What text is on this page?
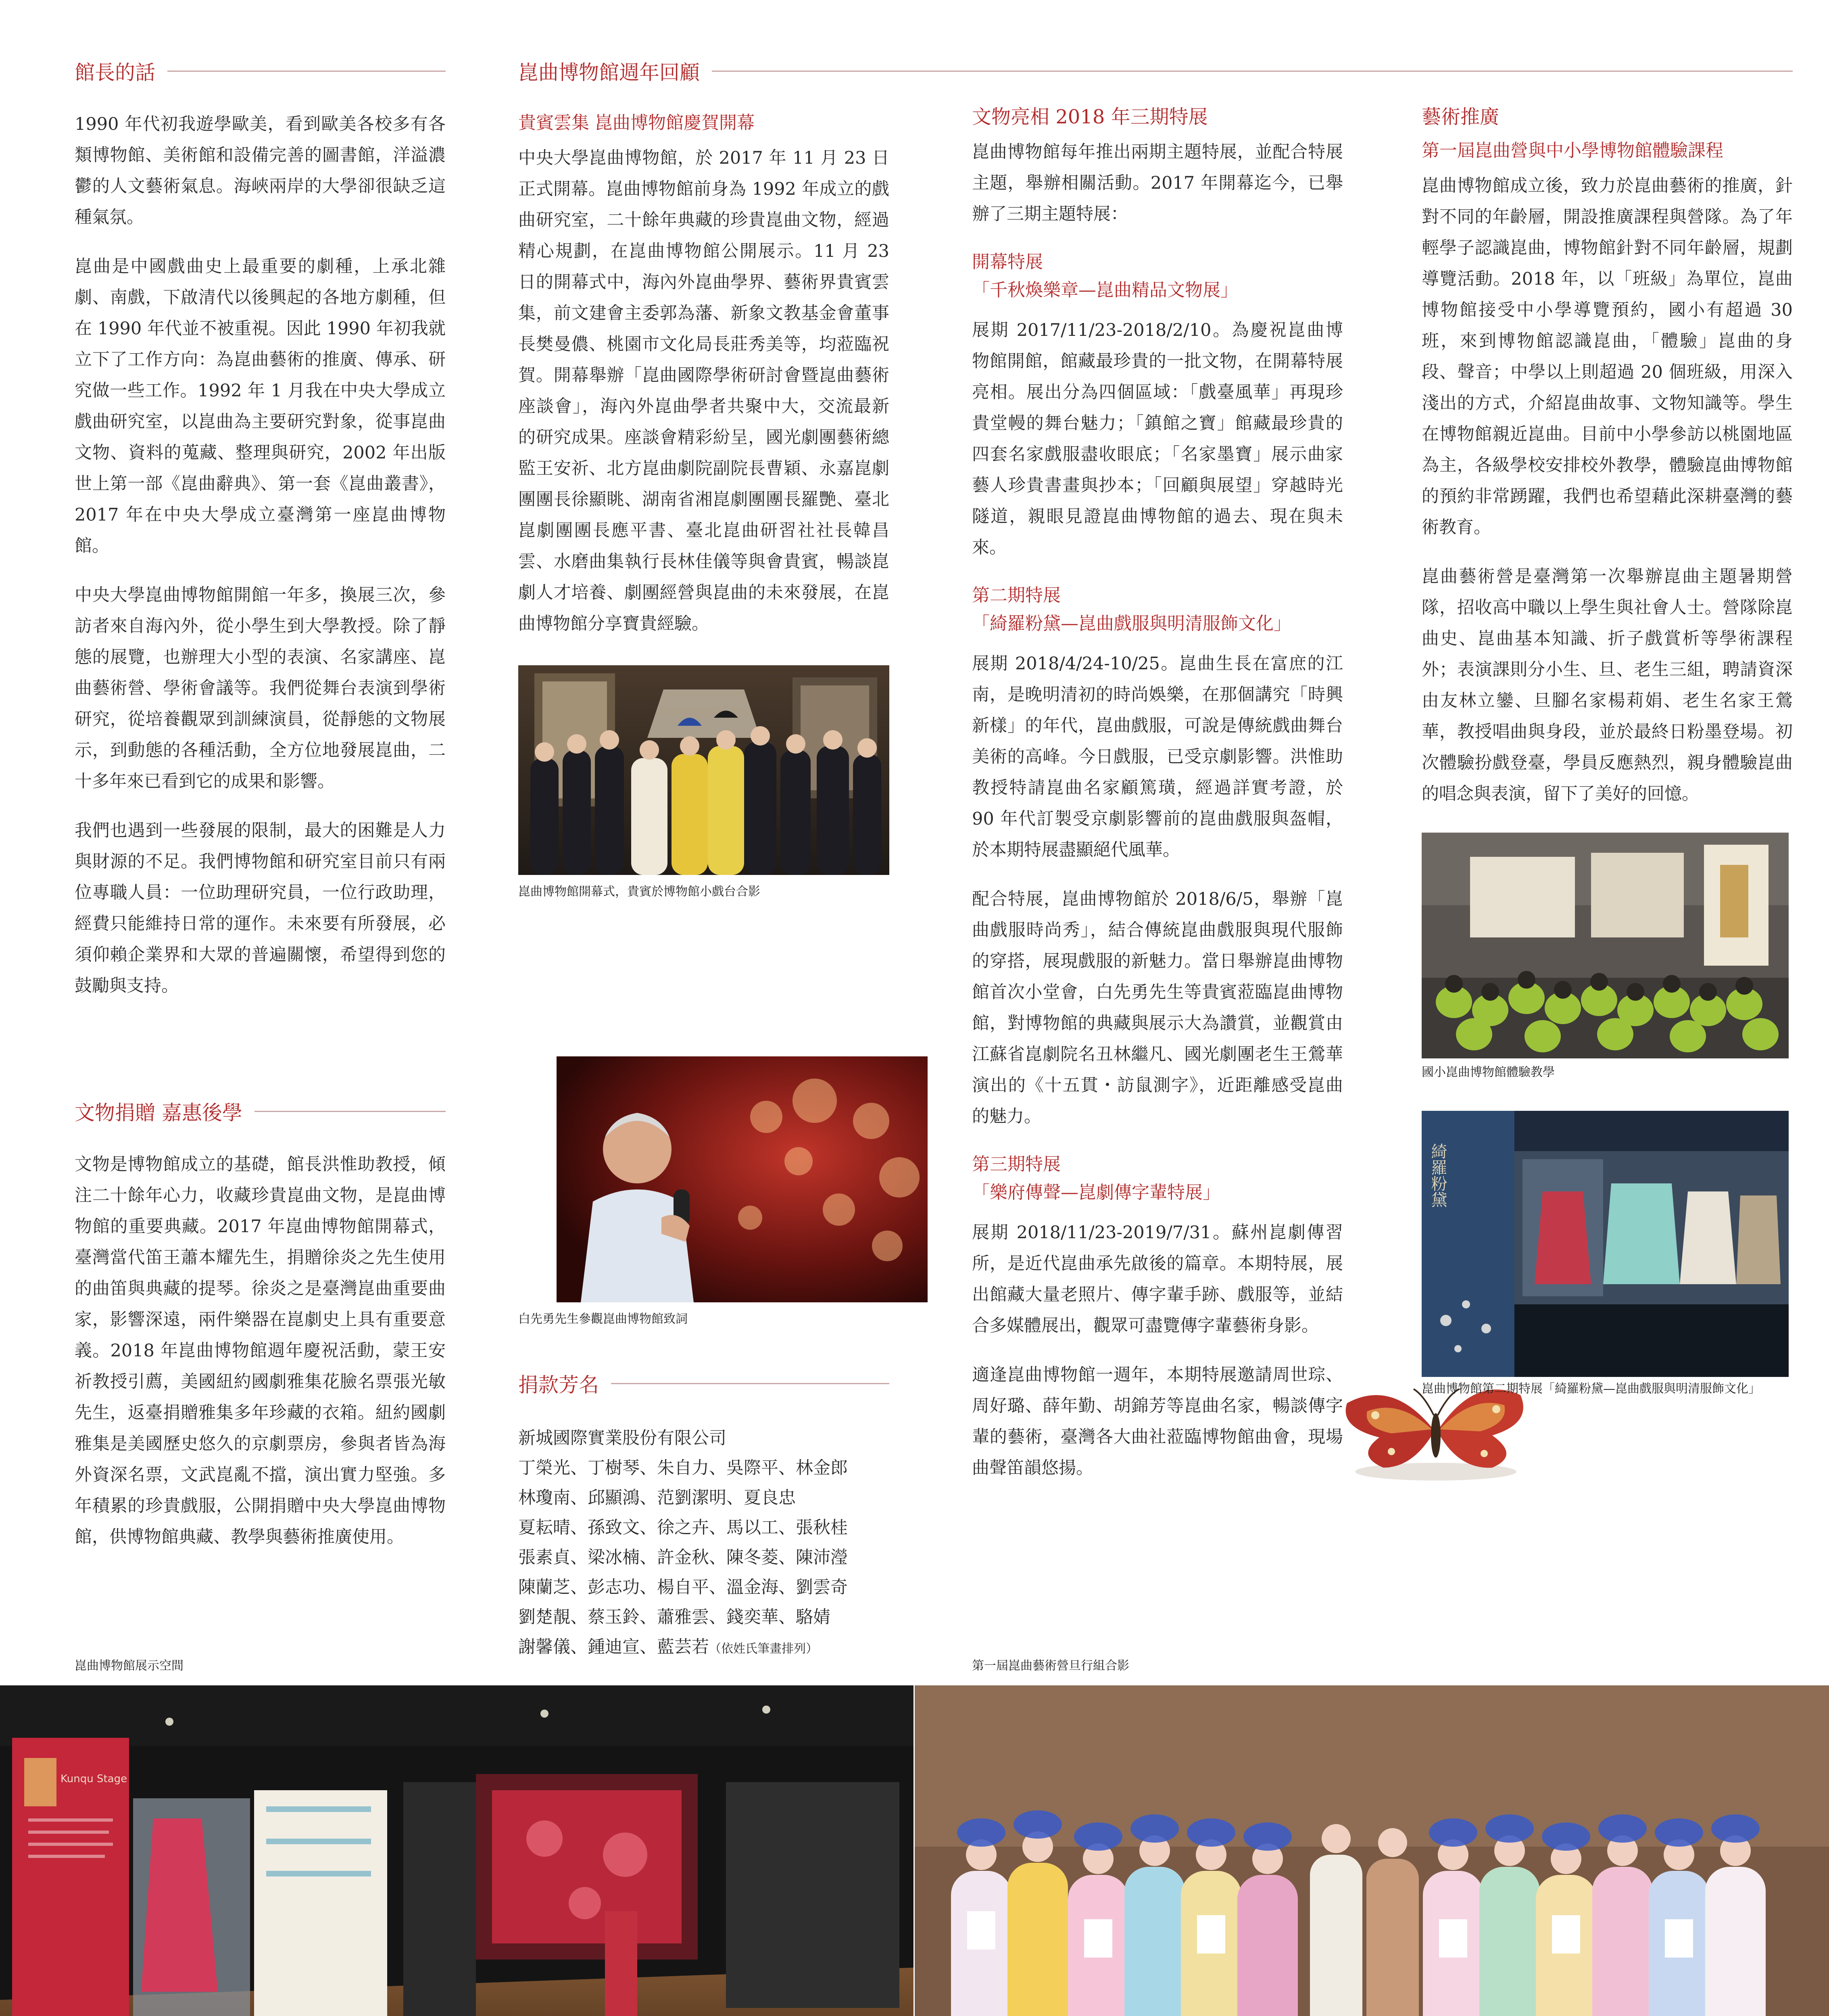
館長的話

1990 年代初我遊學歐美，看到歐美各校多有各類博物館、美術館和設備完善的圖書館，洋溢濃鬱的人文藝術氣息。海峽兩岸的大學卻很缺乏這種氣氛。

崑曲是中國戲曲史上最重要的劇種，上承北雜劇、南戲，下啟清代以後興起的各地方劇種，但在 1990 年代並不被重視。因此 1990 年初我就立下了工作方向：為崑曲藝術的推廣、傳承、研究做一些工作。1992 年 1 月我在中央大學成立戲曲研究室，以崑曲為主要研究對象，從事崑曲文物、資料的蒐藏、整理與研究，2002 年出版世上第一部《崑曲辭典》、第一套《崑曲叢書》，2017 年在中央大學成立臺灣第一座崑曲博物館。

中央大學崑曲博物館開館一年多，換展三次，參訪者來自海內外，從小學生到大學教授。除了靜態的展覽，也辦理大小型的表演、名家講座、崑曲藝術營、學術會議等。我們從舞台表演到學術研究，從培養觀眾到訓練演員，從靜態的文物展示，到動態的各種活動，全方位地發展崑曲，二十多年來已看到它的成果和影響。

我們也遇到一些發展的限制，最大的困難是人力與財源的不足。我們博物館和研究室目前只有兩位專職人員：一位助理研究員，一位行政助理，經費只能維持日常的運作。未來要有所發展，必須仰賴企業界和大眾的普遍關懷，希望得到您的鼓勵與支持。

文物捐贈 嘉惠後學

文物是博物館成立的基礎，館長洪惟助教授，傾注二十餘年心力，收藏珍貴崑曲文物，是崑曲博物館的重要典藏。2017 年崑曲博物館開幕式，臺灣當代笛王蕭本耀先生，捐贈徐炎之先生使用的曲笛與典藏的提琴。徐炎之是臺灣崑曲重要曲家，影響深遠，兩件樂器在崑劇史上具有重要意義。2018 年崑曲博物館週年慶祝活動，蒙王安祈教授引薦，美國紐約國劇雅集花臉名票張光敏先生，返臺捐贈雅集多年珍藏的衣箱。紐約國劇雅集是美國歷史悠久的京劇票房，參與者皆為海外資深名票，文武崑亂不擋，演出實力堅強。多年積累的珍貴戲服，公開捐贈中央大學崑曲博物館，供博物館典藏、教學與藝術推廣使用。

崑曲博物館展示空間
崑曲博物館週年回顧

貴賓雲集 崑曲博物館慶賀開幕

中央大學崑曲博物館，於 2017 年 11 月 23 日正式開幕。崑曲博物館前身為 1992 年成立的戲曲研究室，二十餘年典藏的珍貴崑曲文物，經過精心規劃，在崑曲博物館公開展示。11 月 23 日的開幕式中，海內外崑曲學界、藝術界貴賓雲集，前文建會主委郭為藩、新象文教基金會董事長樊曼儂、桃園市文化局長莊秀美等，均蒞臨祝賀。開幕舉辦「崑曲國際學術研討會暨崑曲藝術座談會」，海內外崑曲學者共聚中大，交流最新的研究成果。座談會精彩紛呈，國光劇團藝術總監王安祈、北方崑曲劇院副院長曹穎、永嘉崑劇團團長徐顯眺、湖南省湘崑劇團團長羅艷、臺北崑劇團團長應平書、臺北崑曲研習社社長韓昌雲、水磨曲集執行長林佳儀等與會貴賓，暢談崑劇人才培養、劇團經營與崑曲的未來發展，在崑曲博物館分享寶貴經驗。

崑曲博物館開幕式，貴賓於博物館小戲台合影
白先勇先生參觀崑曲博物館致詞
捐款芳名

新城國際實業股份有限公司

丁榮光、丁樹琴、朱自力、吳際平、林金郎

林瓊南、邱顯鴻、范劉潔明、夏良忠

夏耘晴、孫致文、徐之卉、馬以工、張秋桂

張素貞、梁冰楠、許金秋、陳冬菱、陳沛瀅

陳蘭芝、彭志功、楊自平、溫金海、劉雲奇

劉楚靚、蔡玉鈴、蕭雅雲、錢奕華、駱婧

謝馨儀、鍾迪宣、藍芸若（依姓氏筆畫排列）

文物亮相 2018 年三期特展

崑曲博物館每年推出兩期主題特展，並配合特展主題，舉辦相關活動。2017 年開幕迄今，已舉辦了三期主題特展：

開幕特展

「千秋煥樂章—崑曲精品文物展」

展期 2017/11/23-2018/2/10。為慶祝崑曲博物館開館，館藏最珍貴的一批文物，在開幕特展亮相。展出分為四個區域：「戲臺風華」再現珍貴堂幔的舞台魅力；「鎮館之寶」館藏最珍貴的四套名家戲服盡收眼底；「名家墨寶」展示曲家藝人珍貴書畫與抄本；「回顧與展望」穿越時光隧道，親眼見證崑曲博物館的過去、現在與未來。

第二期特展

「綺羅粉黛—崑曲戲服與明清服飾文化」

展期 2018/4/24-10/25。崑曲生長在富庶的江南，是晚明清初的時尚娛樂，在那個講究「時興新樣」的年代，崑曲戲服，可說是傳統戲曲舞台美術的高峰。今日戲服，已受京劇影響。洪惟助教授特請崑曲名家顧篤璜，經過詳實考證，於 90 年代訂製受京劇影響前的崑曲戲服與盔帽，於本期特展盡顯絕代風華。

配合特展，崑曲博物館於 2018/6/5，舉辦「崑曲戲服時尚秀」，結合傳統崑曲戲服與現代服飾的穿搭，展現戲服的新魅力。當日舉辦崑曲博物館首次小堂會，白先勇先生等貴賓蒞臨崑曲博物館，對博物館的典藏與展示大為讚賞，並觀賞由江蘇省崑劇院名丑林繼凡、國光劇團老生王鶯華演出的《十五貫・訪鼠測字》，近距離感受崑曲的魅力。

第三期特展

「樂府傳聲—崑劇傳字輩特展」

展期 2018/11/23-2019/7/31。蘇州崑劇傳習所，是近代崑曲承先啟後的篇章。本期特展，展出館藏大量老照片、傳字輩手跡、戲服等，並結合多媒體展出，觀眾可盡覽傳字輩藝術身影。

適逢崑曲博物館一週年，本期特展邀請周世琮、周好璐、薛年勤、胡錦芳等崑曲名家，暢談傳字輩的藝術，臺灣各大曲社蒞臨博物館曲會，現場曲聲笛韻悠揚。

第一屆崑曲藝術營旦行組合影

藝術推廣

第一屆崑曲營與中小學博物館體驗課程

崑曲博物館成立後，致力於崑曲藝術的推廣，針對不同的年齡層，開設推廣課程與營隊。為了年輕學子認識崑曲，博物館針對不同年齡層，規劃導覽活動。2018 年，以「班級」為單位，崑曲博物館接受中小學導覽預約，國小有超過 30 班，來到博物館認識崑曲，「體驗」崑曲的身段、聲音；中學以上則超過 20 個班級，用深入淺出的方式，介紹崑曲故事、文物知識等。學生在博物館親近崑曲。目前中小學參訪以桃園地區為主，各級學校安排校外教學，體驗崑曲博物館的預約非常踴躍，我們也希望藉此深耕臺灣的藝術教育。

崑曲藝術營是臺灣第一次舉辦崑曲主題暑期營隊，招收高中職以上學生與社會人士。營隊除崑曲史、崑曲基本知識、折子戲賞析等學術課程外；表演課則分小生、旦、老生三組，聘請資深由友林立鑾、旦腳名家楊莉娟、老生名家王鶯華，教授唱曲與身段，並於最終日粉墨登場。初次體驗扮戲登臺，學員反應熱烈，親身體驗崑曲的唱念與表演，留下了美好的回憶。

國小崑曲博物館體驗教學
綺羅粉黛
崑曲博物館第二期特展「綺羅粉黛—崑曲戲服與明清服飾文化」
Kunqu Stage
